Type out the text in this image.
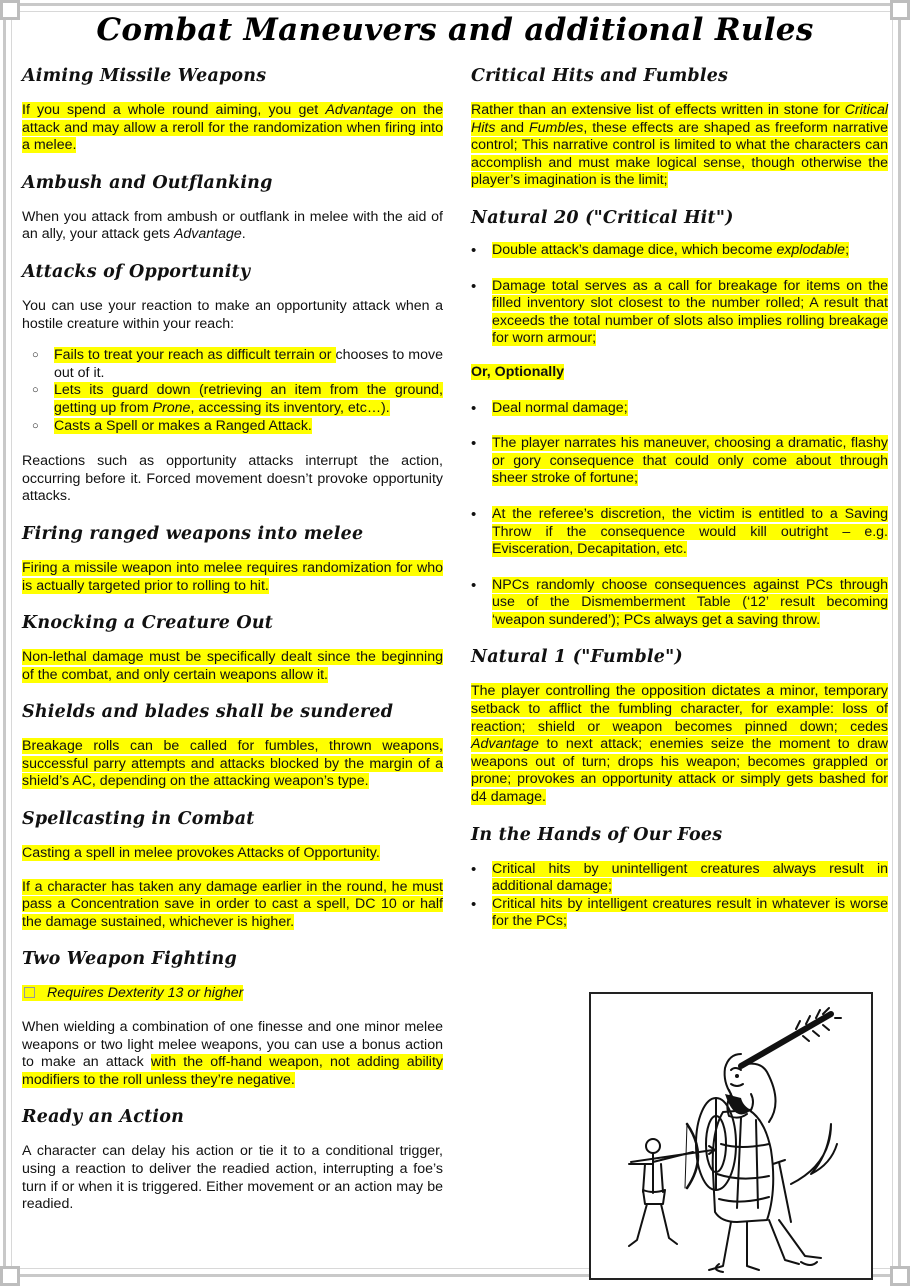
Combat Maneuvers and additional Rules
Aiming Missile Weapons

If you spend a whole round aiming, you get Advantage on the attack and may allow a reroll for the randomization when firing into a melee.

Ambush and Outflanking

When you attack from ambush or outflank in melee with the aid of an ally, your attack gets Advantage.

Attacks of Opportunity

You can use your reaction to make an opportunity attack when a hostile creature within your reach:

○ Fails to treat your reach as difficult terrain or chooses to move out of it.
○ Lets its guard down (retrieving an item from the ground, getting up from Prone, accessing its inventory, etc…).
○ Casts a Spell or makes a Ranged Attack.

Reactions such as opportunity attacks interrupt the action, occurring before it. Forced movement doesn’t provoke opportunity attacks.

Firing ranged weapons into melee

Firing a missile weapon into melee requires randomization for who is actually targeted prior to rolling to hit.

Knocking a Creature Out

Non-lethal damage must be specifically dealt since the beginning of the combat, and only certain weapons allow it.

Shields and blades shall be sundered

Breakage rolls can be called for fumbles, thrown weapons, successful parry attempts and attacks blocked by the margin of a shield’s AC, depending on the attacking weapon’s type.

Spellcasting in Combat

Casting a spell in melee provokes Attacks of Opportunity.

If a character has taken any damage earlier in the round, he must pass a Concentration save in order to cast a spell, DC 10 or half the damage sustained, whichever is higher.

Two Weapon Fighting

Requires Dexterity 13 or higher

When wielding a combination of one finesse and one minor melee weapons or two light melee weapons, you can use a bonus action to make an attack with the off-hand weapon, not adding ability modifiers to the roll unless they’re negative.

Ready an Action

A character can delay his action or tie it to a conditional trigger, using a reaction to deliver the readied action, interrupting a foe’s turn if or when it is triggered. Either movement or an action may be readied.

Critical Hits and Fumbles

Rather than an extensive list of effects written in stone for Critical Hits and Fumbles, these effects are shaped as freeform narrative control; This narrative control is limited to what the characters can accomplish and must make logical sense, though otherwise the player’s imagination is the limit;

Natural 20 ("Critical Hit")
• Double attack’s damage dice, which become explodable;
• Damage total serves as a call for breakage for items on the filled inventory slot closest to the number rolled; A result that exceeds the total number of slots also implies rolling breakage for worn armour;

Or, Optionally

• Deal normal damage;
• The player narrates his maneuver, choosing a dramatic, flashy or gory consequence that could only come about through sheer stroke of fortune;
• At the referee’s discretion, the victim is entitled to a Saving Throw if the consequence would kill outright – e.g. Evisceration, Decapitation, etc.
• NPCs randomly choose consequences against PCs through use of the Dismemberment Table (‘12’ result becoming ‘weapon sundered’); PCs always get a saving throw.
Natural 1 ("Fumble")

The player controlling the opposition dictates a minor, temporary setback to afflict the fumbling character, for example: loss of reaction; shield or weapon becomes pinned down; cedes Advantage to next attack; enemies seize the moment to draw weapons out of turn; drops his weapon; becomes grappled or prone; provokes an opportunity attack or simply gets bashed for d4 damage.

In the Hands of Our Foes
• Critical hits by unintelligent creatures always result in additional damage;
• Critical hits by intelligent creatures result in whatever is worse for the PCs;
